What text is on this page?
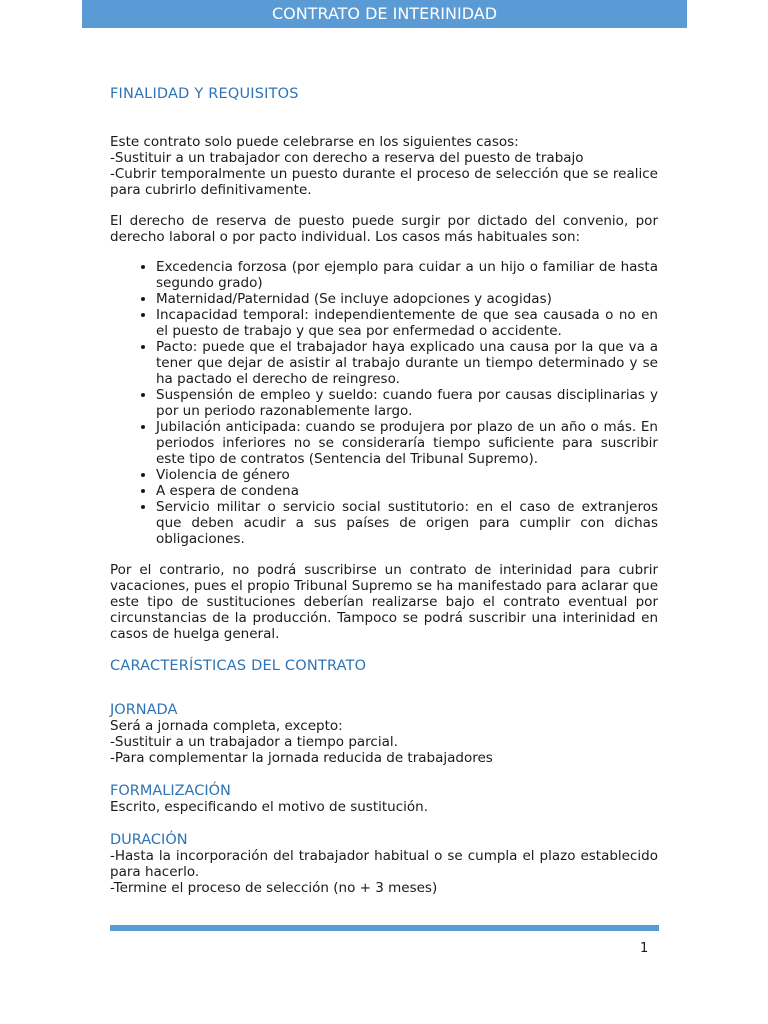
CONTRATO DE INTERINIDAD
FINALIDAD Y REQUISITOS

Este contrato solo puede celebrarse en los siguientes casos:

-Sustituir a un trabajador con derecho a reserva del puesto de trabajo

-Cubrir temporalmente un puesto durante el proceso de selección que se realice para cubrirlo definitivamente.

El derecho de reserva de puesto puede surgir por dictado del convenio, por derecho laboral o por pacto individual. Los casos más habituales son:

• Excedencia forzosa (por ejemplo para cuidar a un hijo o familiar de hasta segundo grado)
• Maternidad/Paternidad (Se incluye adopciones y acogidas)
• Incapacidad temporal: independientemente de que sea causada o no en el puesto de trabajo y que sea por enfermedad o accidente.
• Pacto: puede que el trabajador haya explicado una causa por la que va a tener que dejar de asistir al trabajo durante un tiempo determinado y se ha pactado el derecho de reingreso.
• Suspensión de empleo y sueldo: cuando fuera por causas disciplinarias y por un periodo razonablemente largo.
• Jubilación anticipada: cuando se produjera por plazo de un año o más. En periodos inferiores no se consideraría tiempo suficiente para suscribir este tipo de contratos (Sentencia del Tribunal Supremo).
• Violencia de género
• A espera de condena
• Servicio militar o servicio social sustitutorio: en el caso de extranjeros que deben acudir a sus países de origen para cumplir con dichas obligaciones.

Por el contrario, no podrá suscribirse un contrato de interinidad para cubrir vacaciones, pues el propio Tribunal Supremo se ha manifestado para aclarar que este tipo de sustituciones deberían realizarse bajo el contrato eventual por circunstancias de la producción. Tampoco se podrá suscribir una interinidad en casos de huelga general.

CARACTERÍSTICAS DEL CONTRATO
JORNADA

Será a jornada completa, excepto:

-Sustituir a un trabajador a tiempo parcial.

-Para complementar la jornada reducida de trabajadores

FORMALIZACIÓN

Escrito, especificando el motivo de sustitución.

DURACIÓN

-Hasta la incorporación del trabajador habitual o se cumpla el plazo establecido para hacerlo.

-Termine el proceso de selección (no + 3 meses)

1
